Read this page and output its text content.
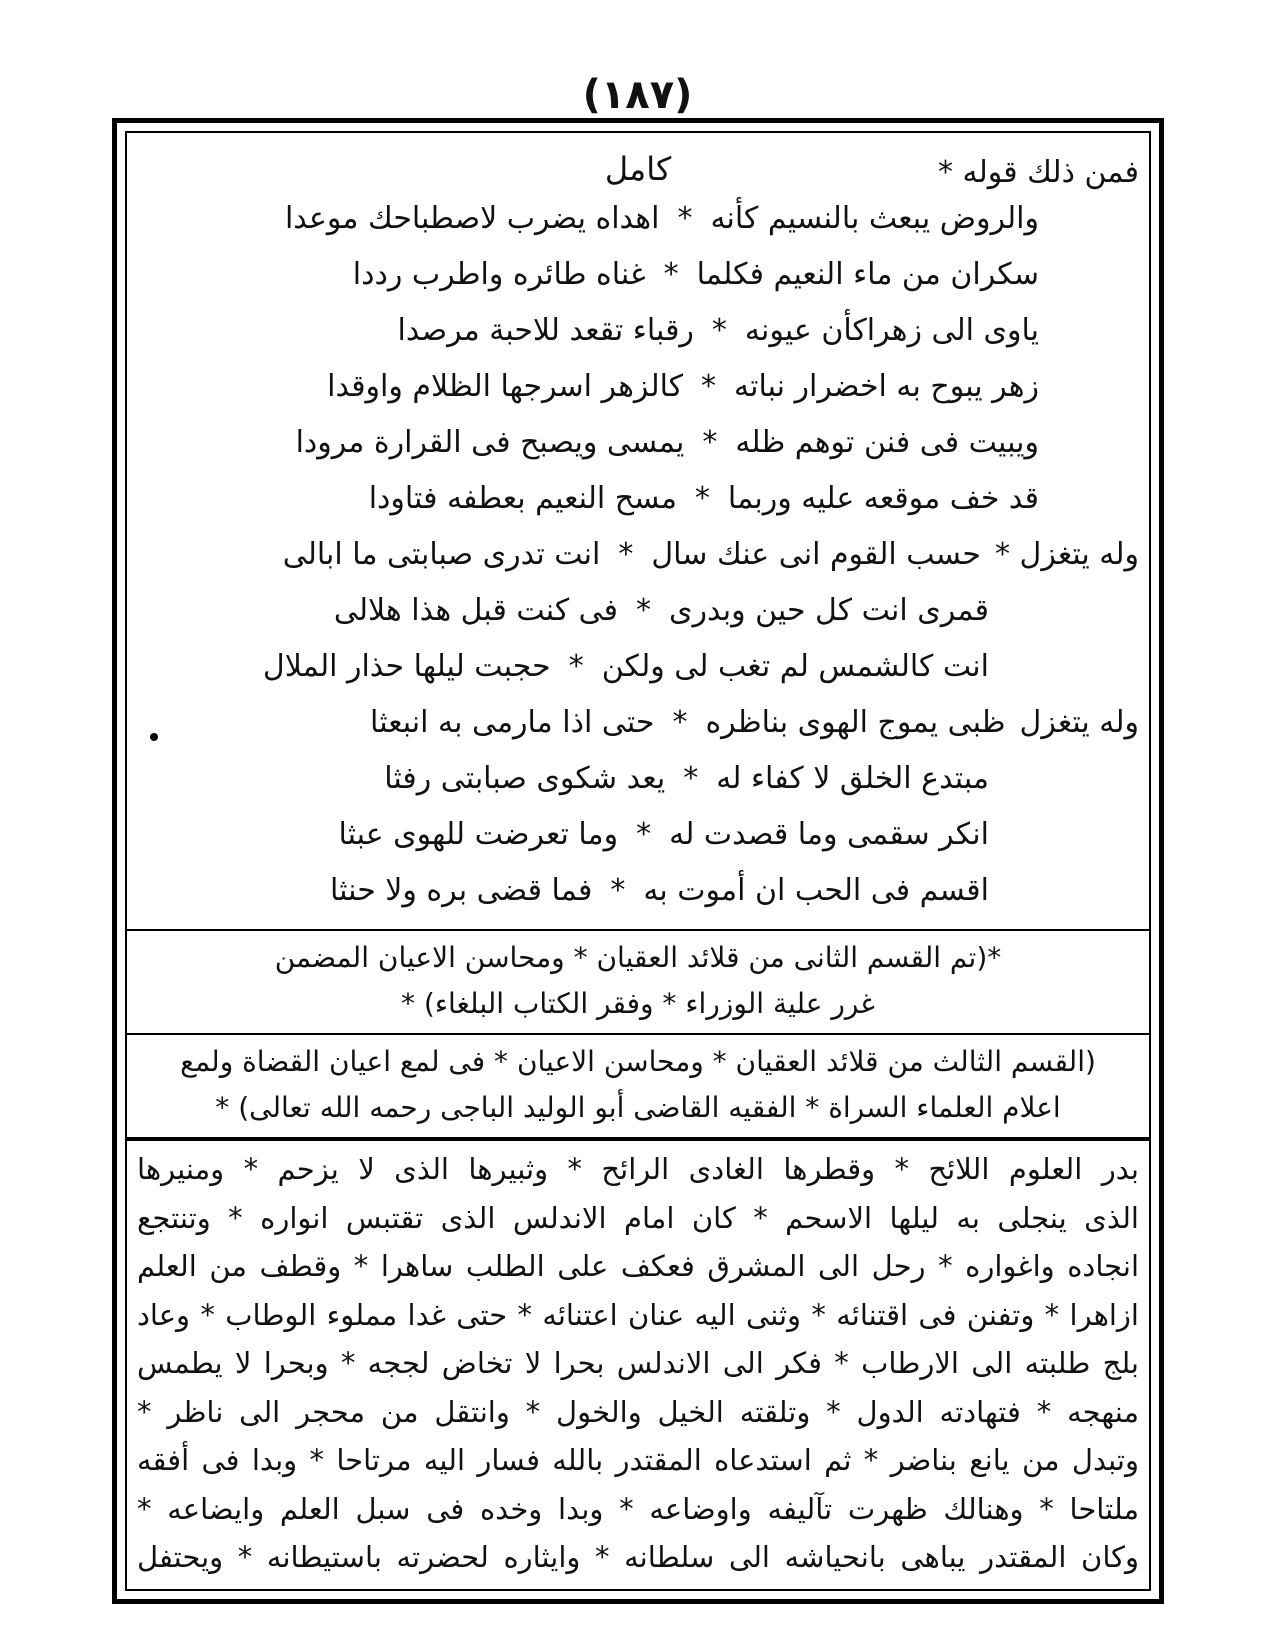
(١٨٧)
فمن ذلك قوله *
كامل
والروض يبعث بالنسيم كأنه
*
اهداه يضرب لاصطباحك موعدا
سكران من ماء النعيم فكلما
*
غناه طائره واطرب رددا
ياوى الى زهراكأن عيونه
*
رقباء تقعد للاحبة مرصدا
زهر يبوح به اخضرار نباته
*
كالزهر اسرجها الظلام واوقدا
ويبيت فى فنن توهم ظله
*
يمسى ويصبح فى القرارة مرودا
قد خف موقعه عليه وربما
*
مسح النعيم بعطفه فتاودا
وله يتغزل *
حسب القوم انى عنك سال
*
انت تدرى صبابتى ما ابالى
قمرى انت كل حين وبدرى
*
فى كنت قبل هذا هلالى
انت كالشمس لم تغب لى ولكن
*
حجبت ليلها حذار الملال
وله يتغزل
ظبى يموج الهوى بناظره
*
حتى اذا مارمى به انبعثا
مبتدع الخلق لا كفاء له
*
يعد شكوى صبابتى رفثا
انكر سقمى وما قصدت له
*
وما تعرضت للهوى عبثا
اقسم فى الحب ان أموت به
*
فما قضى بره ولا حنثا
*(تم القسم الثانى من قلائد العقيان * ومحاسن الاعيان المضمن
غرر علية الوزراء * وفقر الكتاب البلغاء) *
(القسم الثالث من قلائد العقيان * ومحاسن الاعيان * فى لمع اعيان القضاة ولمع
اعلام العلماء السراة * الفقيه القاضى أبو الوليد الباجى رحمه الله تعالى) *
بدر العلوم اللائح * وقطرها الغادى الرائح * وثبيرها الذى لا يزحم * ومنيرها
الذى ينجلى به ليلها الاسحم * كان امام الاندلس الذى تقتبس انواره * وتنتجع
انجاده واغواره * رحل الى المشرق فعكف على الطلب ساهرا * وقطف من العلم
ازاهرا * وتفنن فى اقتنائه * وثنى اليه عنان اعتنائه * حتى غدا مملوء الوطاب * وعاد
بلج طلبته الى الارطاب * فكر الى الاندلس بحرا لا تخاض لججه * وبحرا لا يطمس
منهجه * فتهادته الدول * وتلقته الخيل والخول * وانتقل من محجر الى ناظر *
وتبدل من يانع بناضر * ثم استدعاه المقتدر بالله فسار اليه مرتاحا * وبدا فى أفقه
ملتاحا * وهنالك ظهرت تآليفه واوضاعه * وبدا وخده فى سبل العلم وايضاعه *
وكان المقتدر يباهى بانحياشه الى سلطانه * وايثاره لحضرته باستيطانه * ويحتفل
